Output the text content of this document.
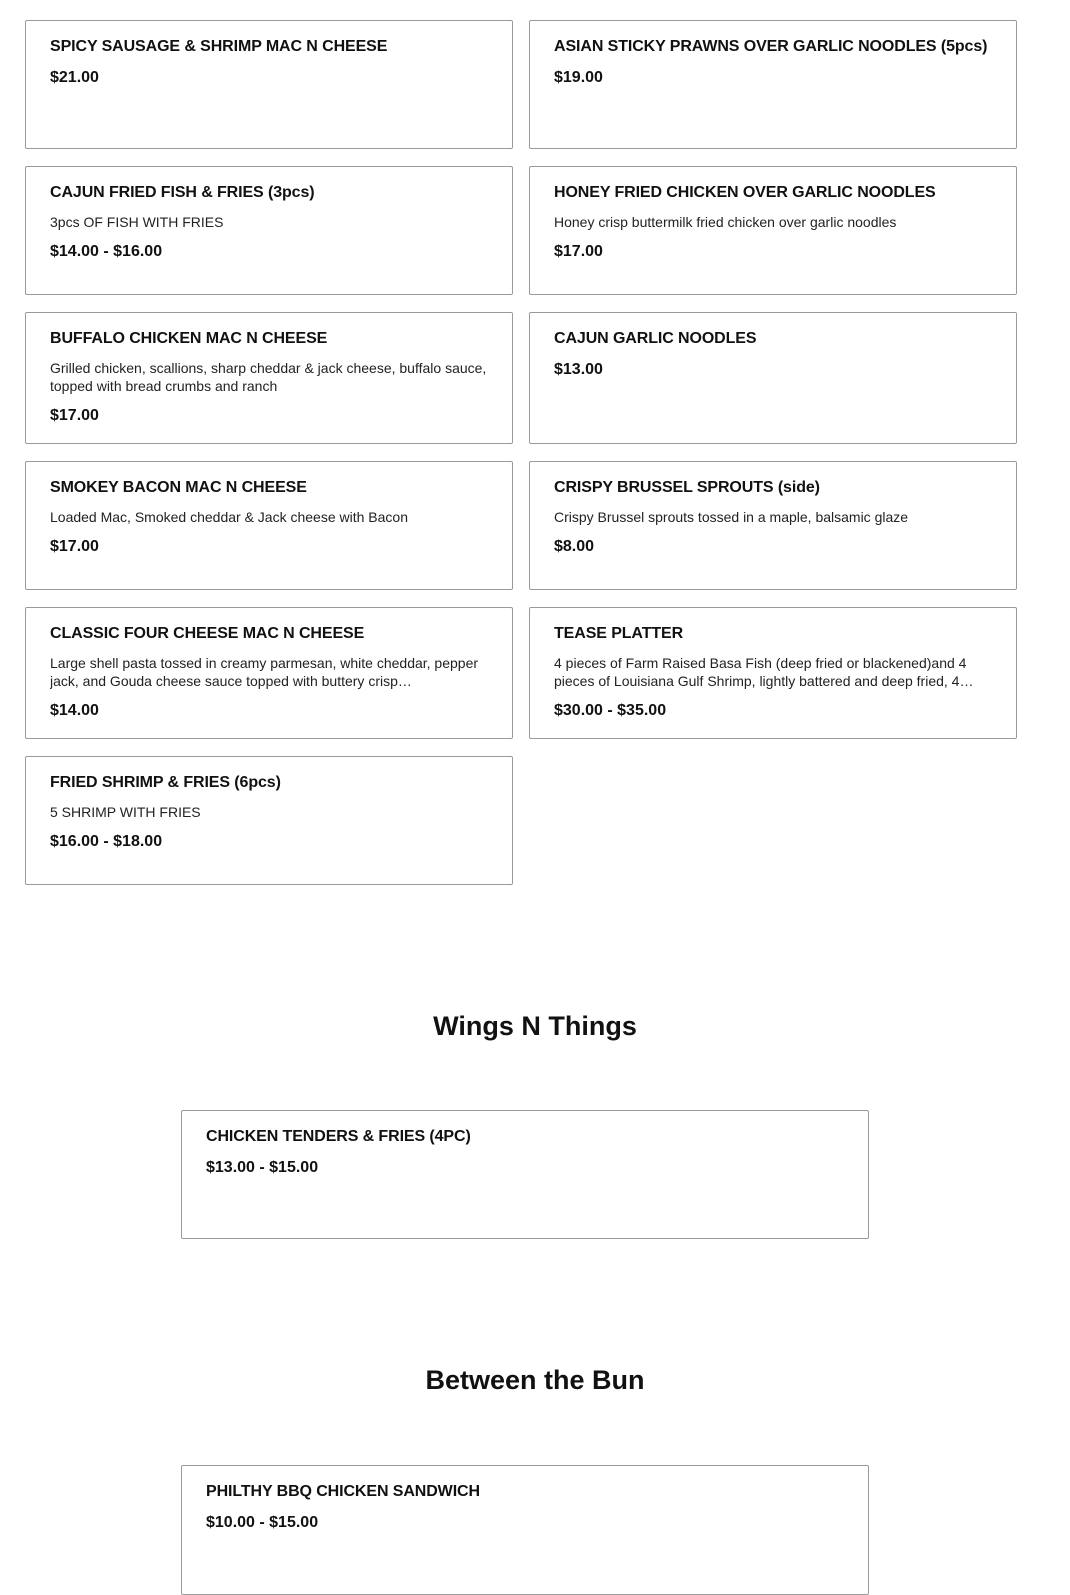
SPICY SAUSAGE & SHRIMP MAC N CHEESE
$21.00
ASIAN STICKY PRAWNS OVER GARLIC NOODLES (5pcs)
$19.00
CAJUN FRIED FISH & FRIES (3pcs)
3pcs OF FISH WITH FRIES
$14.00 - $16.00
HONEY FRIED CHICKEN OVER GARLIC NOODLES
Honey crisp buttermilk fried chicken over garlic noodles
$17.00
BUFFALO CHICKEN MAC N CHEESE
Grilled chicken, scallions, sharp cheddar & jack cheese, buffalo sauce, topped with bread crumbs and ranch
$17.00
CAJUN GARLIC NOODLES
$13.00
SMOKEY BACON MAC N CHEESE
Loaded Mac, Smoked cheddar & Jack cheese with Bacon
$17.00
CRISPY BRUSSEL SPROUTS (side)
Crispy Brussel sprouts tossed in a maple, balsamic glaze
$8.00
CLASSIC FOUR CHEESE MAC N CHEESE
Large shell pasta tossed in creamy parmesan, white cheddar, pepper jack, and Gouda cheese sauce topped with buttery crisp…
$14.00
TEASE PLATTER
4 pieces of Farm Raised Basa Fish (deep fried or blackened)and 4 pieces of Louisiana Gulf Shrimp, lightly battered and deep fried, 4…
$30.00 - $35.00
FRIED SHRIMP & FRIES (6pcs)
5 SHRIMP WITH FRIES
$16.00 - $18.00
Wings N Things
CHICKEN TENDERS & FRIES (4PC)
$13.00 - $15.00
Between the Bun
PHILTHY BBQ CHICKEN SANDWICH
$10.00 - $15.00
